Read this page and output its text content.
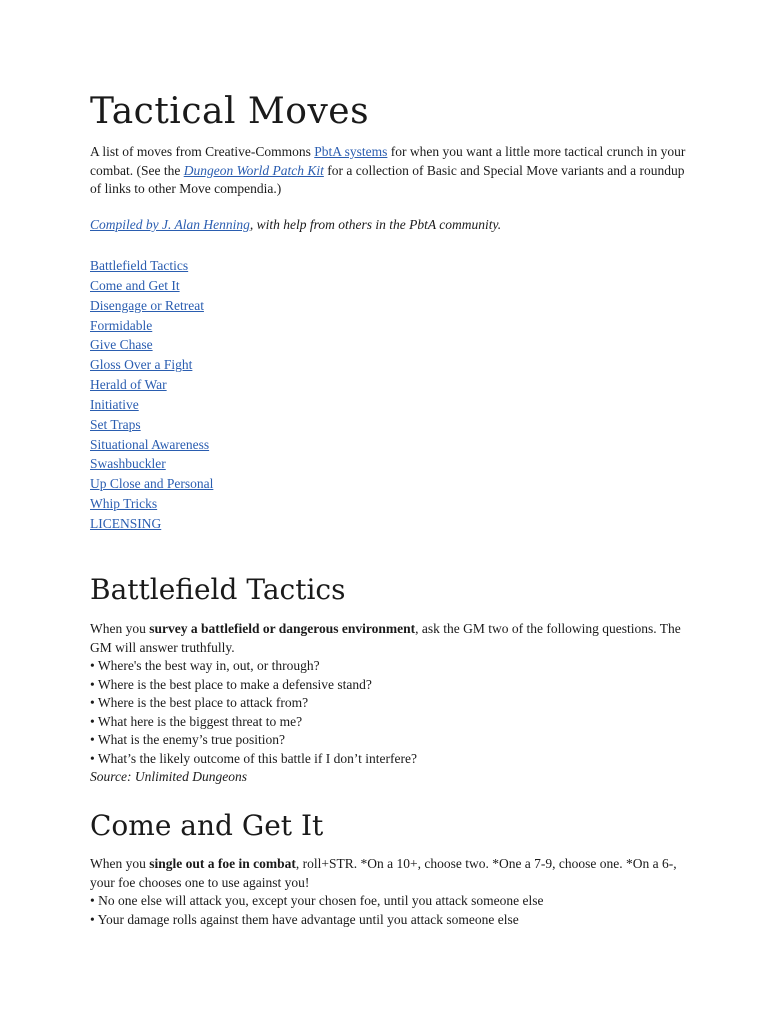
Tactical Moves

A list of moves from Creative-Commons PbtA systems for when you want a little more tactical crunch in your combat. (See the Dungeon World Patch Kit for a collection of Basic and Special Move variants and a roundup of links to other Move compendia.)

Compiled by J. Alan Henning, with help from others in the PbtA community.

Battlefield Tactics
Come and Get It
Disengage or Retreat
Formidable
Give Chase
Gloss Over a Fight
Herald of War
Initiative
Set Traps
Situational Awareness
Swashbuckler
Up Close and Personal
Whip Tricks
LICENSING
Battlefield Tactics

When you survey a battlefield or dangerous environment, ask the GM two of the following questions. The GM will answer truthfully.

• Where's the best way in, out, or through?

• Where is the best place to make a defensive stand?

• Where is the best place to attack from?

• What here is the biggest threat to me?

• What is the enemy’s true position?

• What’s the likely outcome of this battle if I don’t interfere?

Source: Unlimited Dungeons

Come and Get It

When you single out a foe in combat, roll+STR. *On a 10+, choose two. *One a 7-9, choose one. *On a 6-, your foe chooses one to use against you!

• No one else will attack you, except your chosen foe, until you attack someone else

• Your damage rolls against them have advantage until you attack someone else
